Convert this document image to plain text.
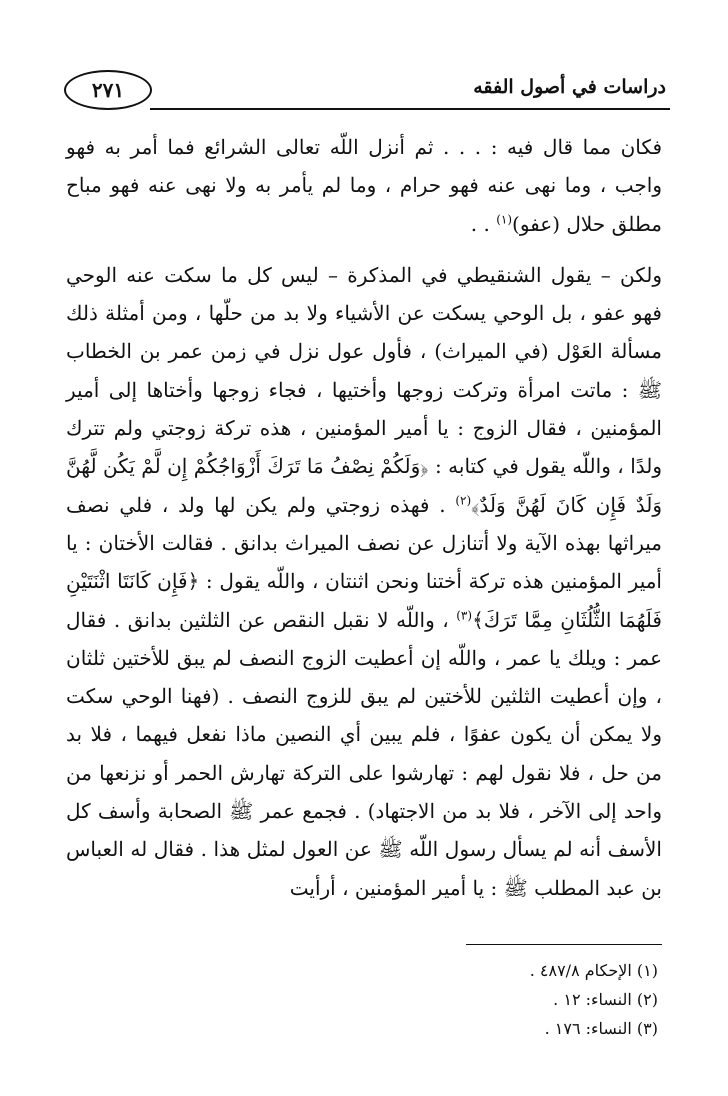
٢٧١	دراسات في أصول الفقه

فكان مما قال فيه : . . . ثم أنزل اللّه تعالى الشرائع فما أمر به فهو واجب ، وما نهى عنه فهو حرام ، وما لم يأمر به ولا نهى عنه فهو مباح مطلق حلال (عفو)$^{(١)}$ . .

ولكن – يقول الشنقيطي في المذكرة – ليس كل ما سكت عنه الوحي فهو عفو ، بل الوحي يسكت عن الأشياء ولا بد من حلّها ، ومن أمثلة ذلك مسألة العَوْل (في الميراث) ، فأول عول نزل في زمن عمر بن الخطاب ﷺ : ماتت امرأة وتركت زوجها وأختيها ، فجاء زوجها وأختاها إلى أمير المؤمنين ، فقال الزوج : يا أمير المؤمنين ، هذه تركة زوجتي ولم تترك ولدًا ، واللّه يقول في كتابه : ﴿وَلَكُمْ نِصْفُ مَا تَرَكَ أَزْوَاجُكُمْ إِن لَّمْ يَكُن لَّهُنَّ وَلَدٌ فَإِن كَانَ لَهُنَّ وَلَدٌ﴾$^{(٢)}$ . فهذه زوجتي ولم يكن لها ولد ، فلي نصف ميراثها بهذه الآية ولا أتنازل عن نصف الميراث بدانق . فقالت الأختان : يا أمير المؤمنين هذه تركة أختنا ونحن اثنتان ، واللّه يقول : ﴿فَإِن كَانَتَا اثْنَتَيْنِ فَلَهُمَا الثُّلُثَانِ مِمَّا تَرَكَ﴾$^{(٣)}$ ، واللّه لا نقبل النقص عن الثلثين بدانق . فقال عمر : ويلك يا عمر ، واللّه إن أعطيت الزوج النصف لم يبق للأختين ثلثان ، وإن أعطيت الثلثين للأختين لم يبق للزوج النصف . (فهنا الوحي سكت ولا يمكن أن يكون عفوًا ، فلم يبين أي النصين ماذا نفعل فيهما ، فلا بد من حل ، فلا نقول لهم : تهارشوا على التركة تهارش الحمر أو نزنعها من واحد إلى الآخر ، فلا بد من الاجتهاد) . فجمع عمر ﷺ الصحابة وأسف كل الأسف أنه لم يسأل رسول اللّه ﷺ عن العول لمثل هذا . فقال له العباس بن عبد المطلب ﷺ : يا أمير المؤمنين ، أرأيت

(١) الإحكام ٤٨٧/٨ .
(٢) النساء: ١٢ .
(٣) النساء: ١٧٦ .
